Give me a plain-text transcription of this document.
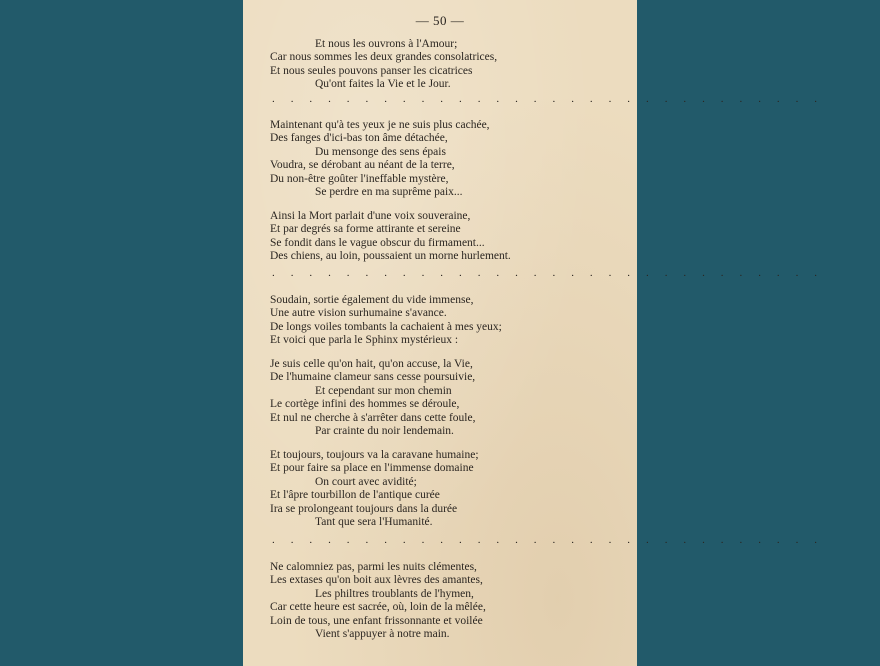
— 50 —
Et nous les ouvrons à l'Amour;
Car nous sommes les deux grandes consolatrices,
Et nous seules pouvons panser les cicatrices
Qu'ont faites la Vie et le Jour.
. . . . . . . . . . . . . . . . . . . . . . . . . . . . . .
Maintenant qu'à tes yeux je ne suis plus cachée,
Des fanges d'ici-bas ton âme détachée,
Du mensonge des sens épais
Voudra, se dérobant au néant de la terre,
Du non-être goûter l'ineffable mystère,
Se perdre en ma suprême paix...
Ainsi la Mort parlait d'une voix souveraine,
Et par degrés sa forme attirante et sereine
Se fondit dans le vague obscur du firmament...
Des chiens, au loin, poussaient un morne hurlement.
. . . . . . . . . . . . . . . . . . . . . . . . . . . . . .
Soudain, sortie également du vide immense,
Une autre vision surhumaine s'avance.
De longs voiles tombants la cachaient à mes yeux;
Et voici que parla le Sphinx mystérieux :
Je suis celle qu'on hait, qu'on accuse, la Vie,
De l'humaine clameur sans cesse poursuivie,
Et cependant sur mon chemin
Le cortège infini des hommes se déroule,
Et nul ne cherche à s'arrêter dans cette foule,
Par crainte du noir lendemain.
Et toujours, toujours va la caravane humaine;
Et pour faire sa place en l'immense domaine
On court avec avidité;
Et l'âpre tourbillon de l'antique curée
Ira se prolongeant toujours dans la durée
Tant que sera l'Humanité.
. . . . . . . . . . . . . . . . . . . . . . . . . . . . . .
Ne calomniez pas, parmi les nuits clémentes,
Les extases qu'on boit aux lèvres des amantes,
Les philtres troublants de l'hymen,
Car cette heure est sacrée, où, loin de la mêlée,
Loin de tous, une enfant frissonnante et voilée
Vient s'appuyer à notre main.
